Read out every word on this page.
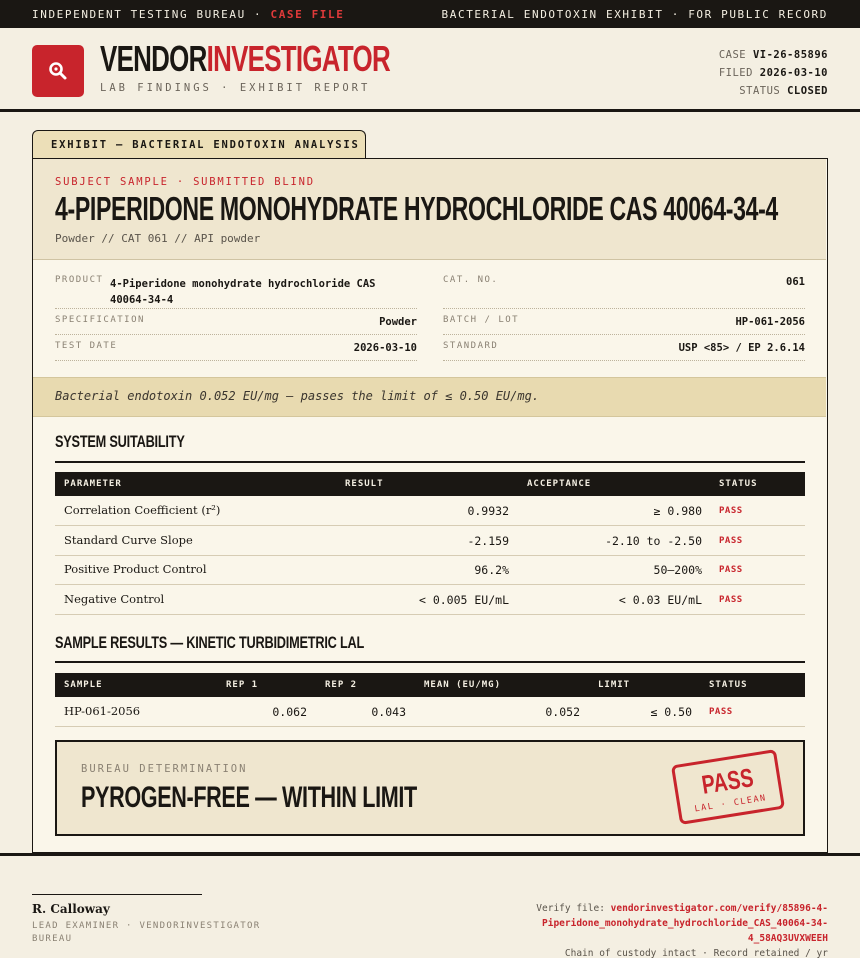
INDEPENDENT TESTING BUREAU · CASE FILE	BACTERIAL ENDOTOXIN EXHIBIT · FOR PUBLIC RECORD
VENDORINVESTIGATOR
LAB FINDINGS · EXHIBIT REPORT
CASE VI-26-85896
FILED 2026-03-10
STATUS CLOSED
EXHIBIT — BACTERIAL ENDOTOXIN ANALYSIS
SUBJECT SAMPLE · SUBMITTED BLIND
4-PIPERIDONE MONOHYDRATE HYDROCHLORIDE CAS 40064-34-4
Powder // CAT 061 // API powder
PRODUCT 4-Piperidone monohydrate hydrochloride CAS
40064-34-4
SPECIFICATION	Powder
TEST DATE	2026-03-10
CAT. NO.	061
BATCH / LOT	HP-061-2056
STANDARD	USP <85> / EP 2.6.14
Bacterial endotoxin 0.052 EU/mg — passes the limit of ≤ 0.50 EU/mg.
SYSTEM SUITABILITY
PARAMETER	RESULT	ACCEPTANCE	STATUS
Correlation Coefficient (r²)	0.9932	≥ 0.980 PASS
Standard Curve Slope	-2.159	-2.10 to -2.50 PASS
Positive Product Control	96.2%	50–200% PASS
Negative Control	< 0.005 EU/mL	< 0.03 EU/mL PASS
SAMPLE RESULTS — KINETIC TURBIDIMETRIC LAL
SAMPLE	REP 1	REP 2	MEAN (EU/MG)	LIMIT	STATUS
HP-061-2056	0.062	0.043	0.052	≤ 0.50 PASS
BUREAU DETERMINATION
PYROGEN-FREE — WITHIN LIMIT	PASS
LAL · CLEAN
R. Calloway
LEAD EXAMINER · VENDORINVESTIGATOR BUREAU
Verify file: vendorinvestigator.com/verify/85896-4-Piperidone_monohydrate_hydrochloride_CAS_40064-34-
4_58AQ3UVXWEEH
Chain of custody intact · Record retained / yr
